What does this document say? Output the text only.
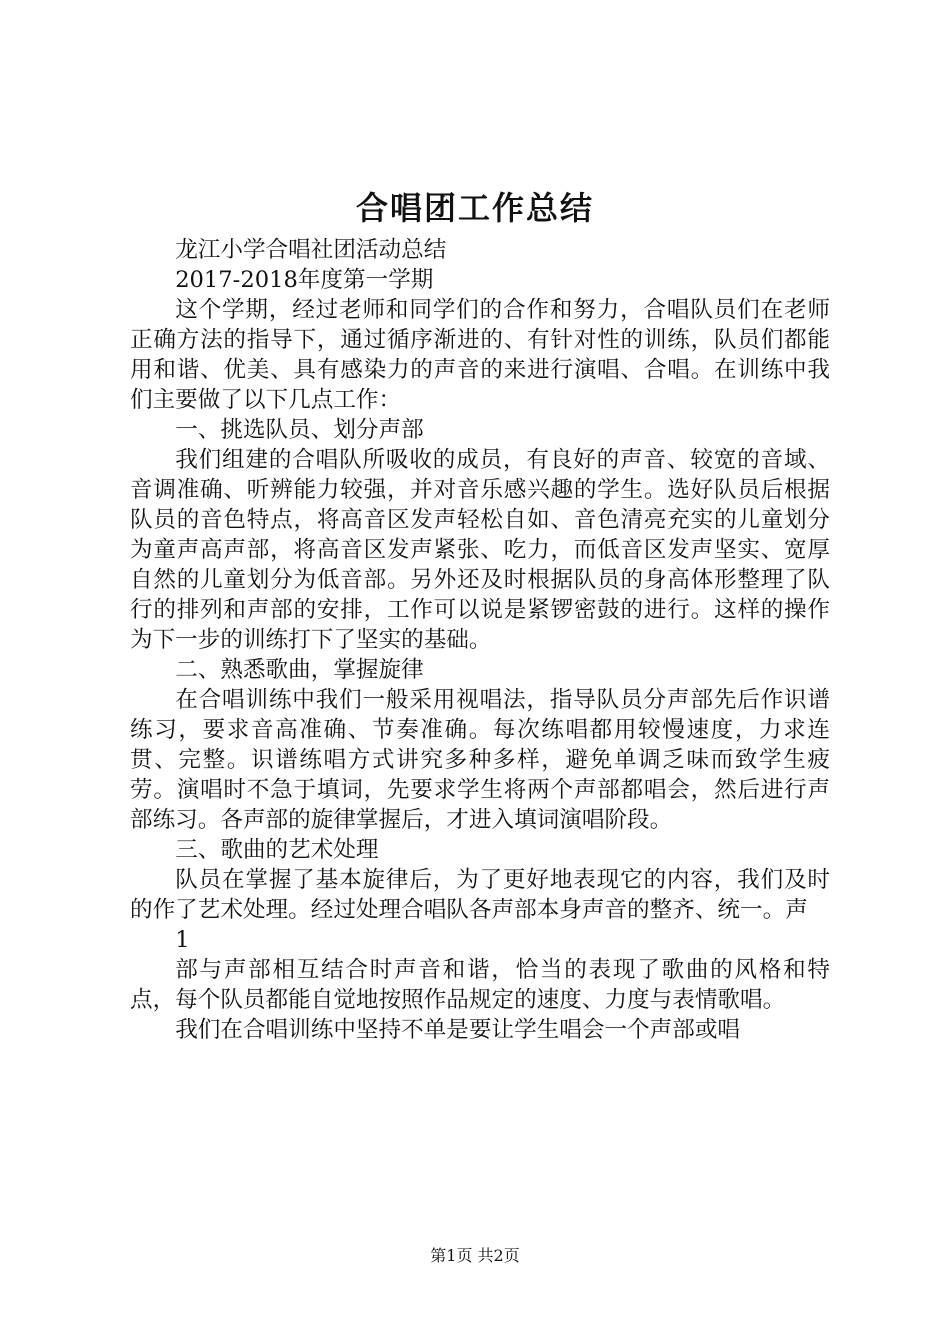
合唱团工作总结

龙江小学合唱社团活动总结

2017-2018年度第一学期

这个学期，经过老师和同学们的合作和努力，合唱队员们在老师正确方法的指导下，通过循序渐进的、有针对性的训练，队员们都能用和谐、优美、具有感染力的声音的来进行演唱、合唱。在训练中我们主要做了以下几点工作：

一、挑选队员、划分声部

我们组建的合唱队所吸收的成员，有良好的声音、较宽的音域、音调准确、听辨能力较强，并对音乐感兴趣的学生。选好队员后根据队员的音色特点，将高音区发声轻松自如、音色清亮充实的儿童划分为童声高声部，将高音区发声紧张、吃力，而低音区发声坚实、宽厚自然的儿童划分为低音部。另外还及时根据队员的身高体形整理了队行的排列和声部的安排，工作可以说是紧锣密鼓的进行。这样的操作为下一步的训练打下了坚实的基础。

二、熟悉歌曲，掌握旋律

在合唱训练中我们一般采用视唱法，指导队员分声部先后作识谱练习，要求音高准确、节奏准确。每次练唱都用较慢速度，力求连贯、完整。识谱练唱方式讲究多种多样，避免单调乏味而致学生疲劳。演唱时不急于填词，先要求学生将两个声部都唱会，然后进行声部练习。各声部的旋律掌握后，才进入填词演唱阶段。

三、歌曲的艺术处理

队员在掌握了基本旋律后，为了更好地表现它的内容，我们及时的作了艺术处理。经过处理合唱队各声部本身声音的整齐、统一。声

1

部与声部相互结合时声音和谐，恰当的表现了歌曲的风格和特点，每个队员都能自觉地按照作品规定的速度、力度与表情歌唱。

我们在合唱训练中坚持不单是要让学生唱会一个声部或唱

第1页 共2页
